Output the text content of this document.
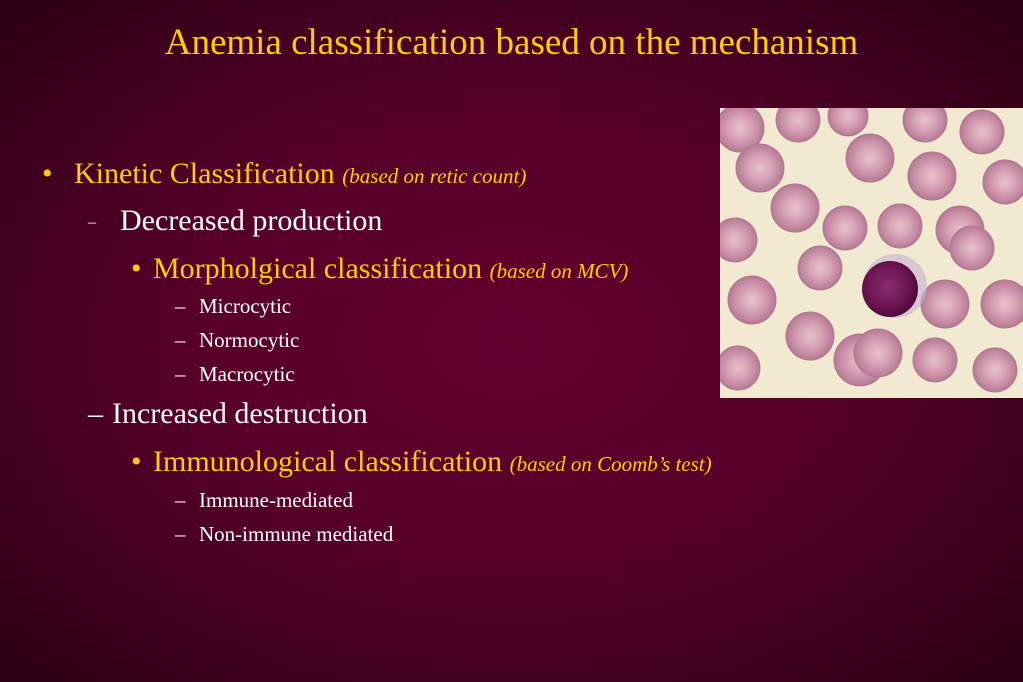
Anemia classification based on the mechanism
• Kinetic Classification (based on retic count)
– Decreased production
• Morpholgical classification (based on MCV)
– Microcytic
– Normocytic
– Macrocytic
– Increased destruction
• Immunological classification (based on Coomb’s test)
– Immune-mediated
– Non-immune mediated
